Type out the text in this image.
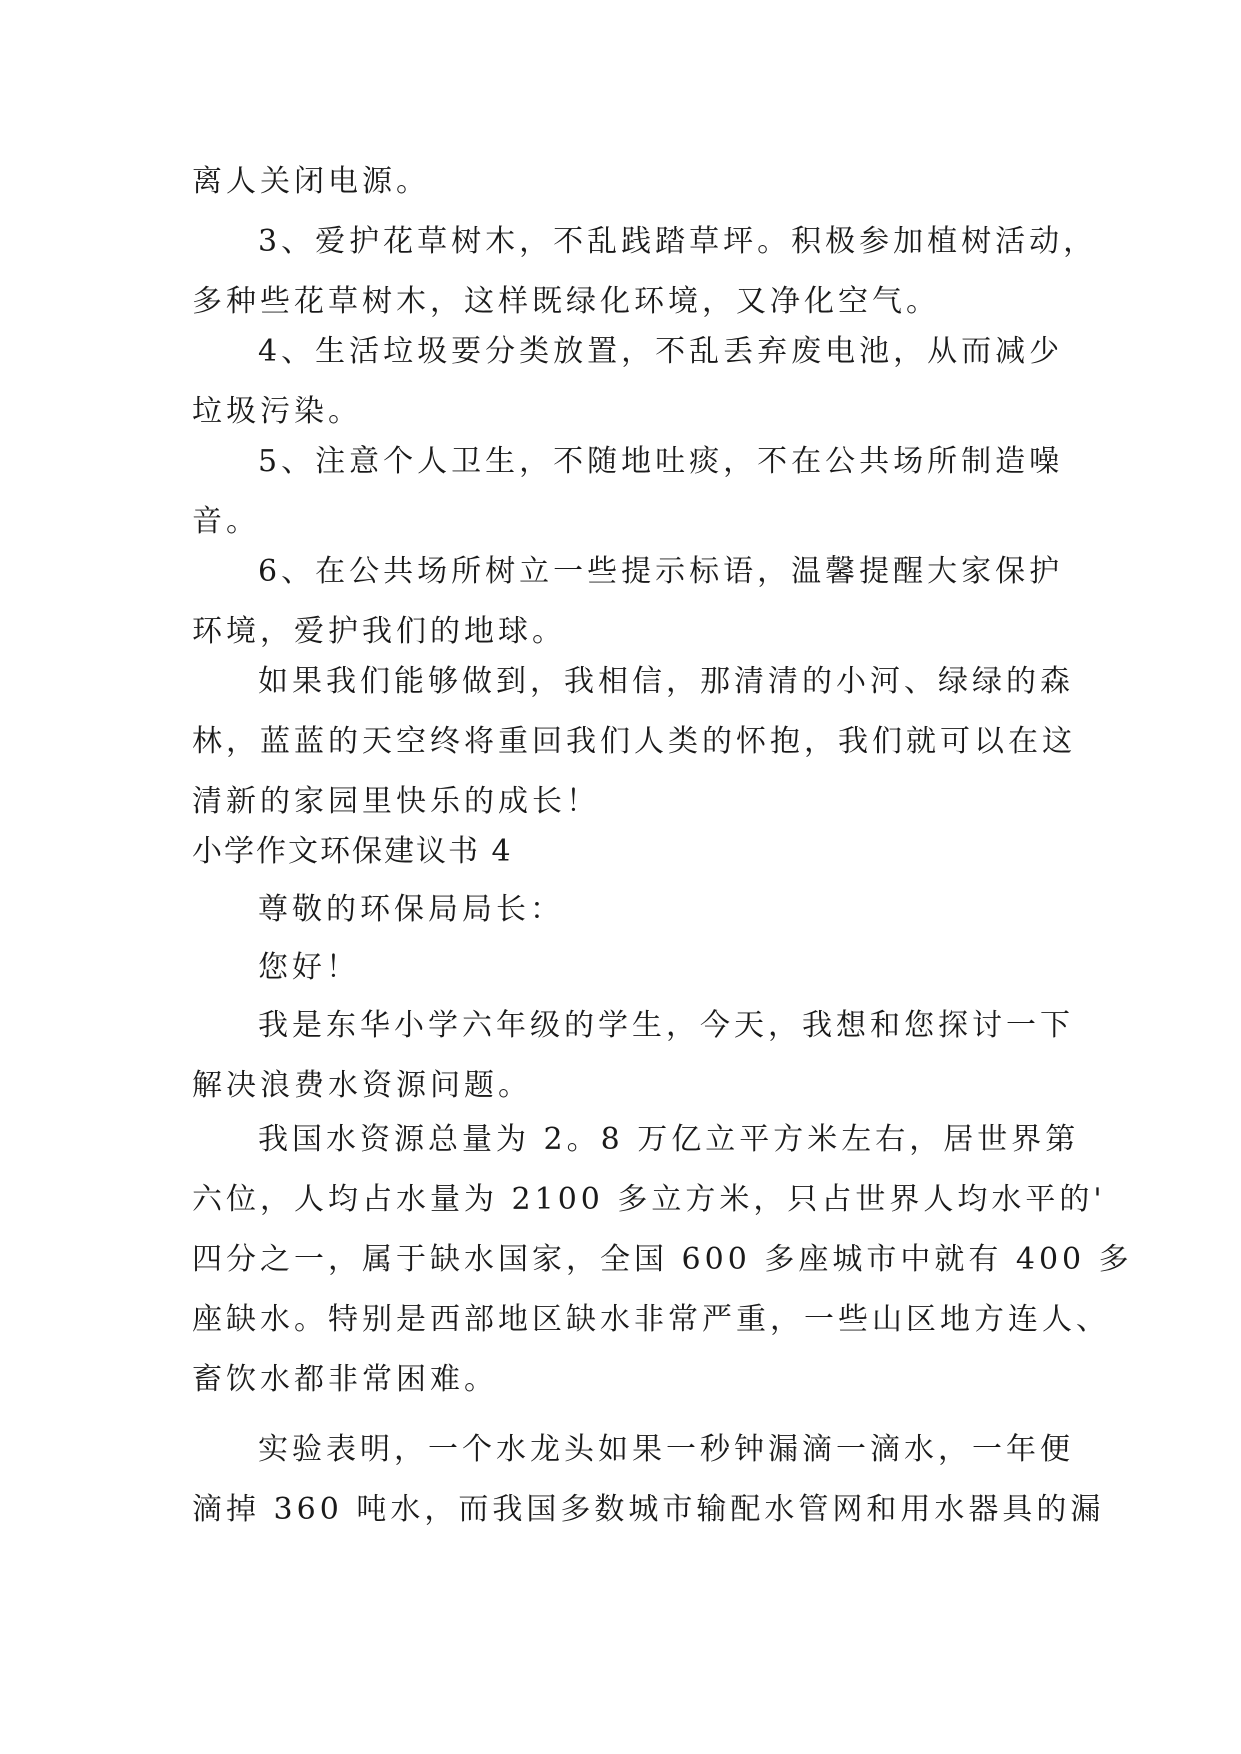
离人关闭电源。

3、爱护花草树木，不乱践踏草坪。积极参加植树活动，
多种些花草树木，这样既绿化环境，又净化空气。

4、生活垃圾要分类放置，不乱丢弃废电池，从而减少
垃圾污染。

5、注意个人卫生，不随地吐痰，不在公共场所制造噪
音。

6、在公共场所树立一些提示标语，温馨提醒大家保护
环境，爱护我们的地球。

如果我们能够做到，我相信，那清清的小河、绿绿的森
林，蓝蓝的天空终将重回我们人类的怀抱，我们就可以在这
清新的家园里快乐的成长！

小学作文环保建议书 4

尊敬的环保局局长：

您好！

我是东华小学六年级的学生，今天，我想和您探讨一下
解决浪费水资源问题。

我国水资源总量为 2。8 万亿立平方米左右，居世界第
六位，人均占水量为 2100 多立方米，只占世界人均水平的'
四分之一，属于缺水国家，全国 600 多座城市中就有 400 多
座缺水。特别是西部地区缺水非常严重，一些山区地方连人、
畜饮水都非常困难。

实验表明，一个水龙头如果一秒钟漏滴一滴水，一年便
滴掉 360 吨水，而我国多数城市输配水管网和用水器具的漏
